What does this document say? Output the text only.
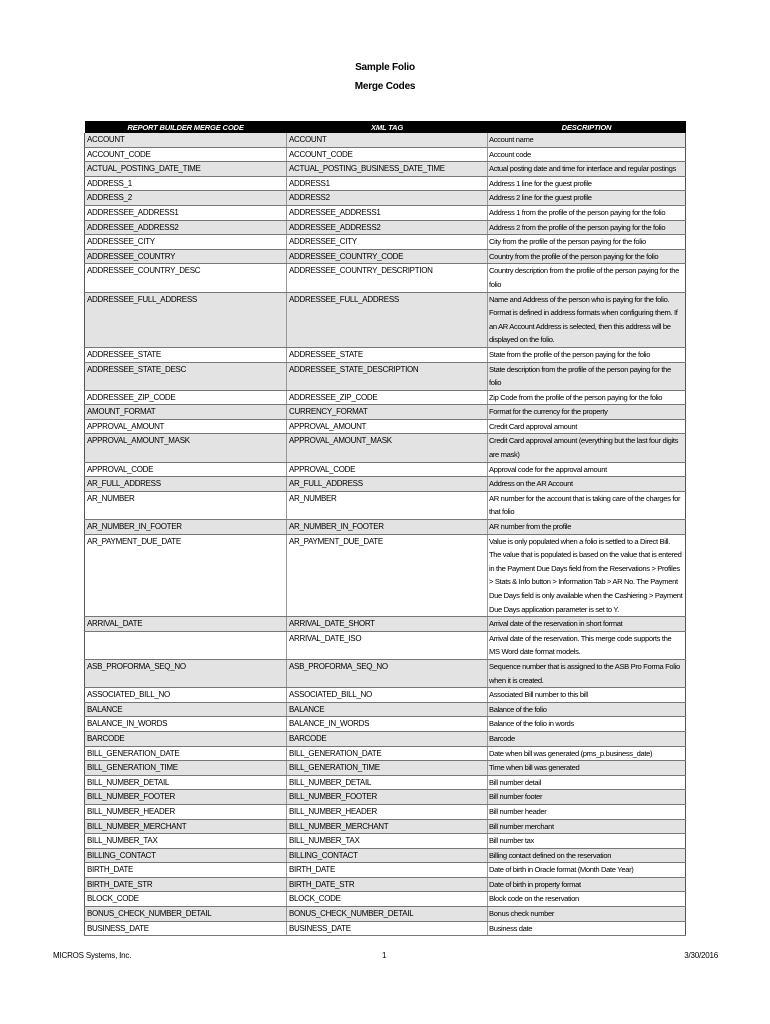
Sample Folio
Merge Codes
REPORT BUILDER MERGE CODE	XML TAG	DESCRIPTION
ACCOUNT	ACCOUNT	Account name
ACCOUNT_CODE	ACCOUNT_CODE	Account code
ACTUAL_POSTING_DATE_TIME	ACTUAL_POSTING_BUSINESS_DATE_TIME	Actual posting date and time for interface and regular postings
ADDRESS_1	ADDRESS1	Address 1 line for the guest profile
ADDRESS_2	ADDRESS2	Address 2 line for the guest profile
ADDRESSEE_ADDRESS1	ADDRESSEE_ADDRESS1	Address 1 from the profile of the person paying for the folio
ADDRESSEE_ADDRESS2	ADDRESSEE_ADDRESS2	Address 2 from the profile of the person paying for the folio
ADDRESSEE_CITY	ADDRESSEE_CITY	City from the profile of the person paying for the folio
ADDRESSEE_COUNTRY	ADDRESSEE_COUNTRY_CODE	Country from the profile of the person paying for the folio
ADDRESSEE_COUNTRY_DESC	ADDRESSEE_COUNTRY_DESCRIPTION	Country description from the profile of the person paying for the folio
ADDRESSEE_FULL_ADDRESS	ADDRESSEE_FULL_ADDRESS	Name and Address of the person who is paying for the folio. Format is defined in address formats when configuring them. If an AR Account Address is selected, then this address will be displayed on the folio.
ADDRESSEE_STATE	ADDRESSEE_STATE	State from the profile of the person paying for the folio
ADDRESSEE_STATE_DESC	ADDRESSEE_STATE_DESCRIPTION	State description from the profile of the person paying for the folio
ADDRESSEE_ZIP_CODE	ADDRESSEE_ZIP_CODE	Zip Code from the profile of the person paying for the folio
AMOUNT_FORMAT	CURRENCY_FORMAT	Format for the currency for the property
APPROVAL_AMOUNT	APPROVAL_AMOUNT	Credit Card approval amount
APPROVAL_AMOUNT_MASK	APPROVAL_AMOUNT_MASK	Credit Card approval amount (everything but the last four digits are mask)
APPROVAL_CODE	APPROVAL_CODE	Approval code for the approval amount
AR_FULL_ADDRESS	AR_FULL_ADDRESS	Address on the AR Account
AR_NUMBER	AR_NUMBER	AR number for the account that is taking care of the charges for that folio
AR_NUMBER_IN_FOOTER	AR_NUMBER_IN_FOOTER	AR number from the profile
AR_PAYMENT_DUE_DATE	AR_PAYMENT_DUE_DATE	Value is only populated when a folio is settled to a Direct Bill. The value that is populated is based on the value that is entered in the Payment Due Days field from the Reservations > Profiles > Stats & Info button > Information Tab > AR No. The Payment Due Days field is only available when the Cashiering > Payment Due Days application parameter is set to Y.
ARRIVAL_DATE	ARRIVAL_DATE_SHORT	Arrival date of the reservation in short format
	ARRIVAL_DATE_ISO	Arrival date of the reservation. This merge code supports the MS Word date format models.
ASB_PROFORMA_SEQ_NO	ASB_PROFORMA_SEQ_NO	Sequence number that is assigned to the ASB Pro Forma Folio when it is created.
ASSOCIATED_BILL_NO	ASSOCIATED_BILL_NO	Associated Bill number to this bill
BALANCE	BALANCE	Balance of the folio
BALANCE_IN_WORDS	BALANCE_IN_WORDS	Balance of the folio in words
BARCODE	BARCODE	Barcode
BILL_GENERATION_DATE	BILL_GENERATION_DATE	Date when bill was generated (pms_p.business_date)
BILL_GENERATION_TIME	BILL_GENERATION_TIME	Time when bill was generated
BILL_NUMBER_DETAIL	BILL_NUMBER_DETAIL	Bill number detail
BILL_NUMBER_FOOTER	BILL_NUMBER_FOOTER	Bill number footer
BILL_NUMBER_HEADER	BILL_NUMBER_HEADER	Bill number header
BILL_NUMBER_MERCHANT	BILL_NUMBER_MERCHANT	Bill number merchant
BILL_NUMBER_TAX	BILL_NUMBER_TAX	Bill number tax
BILLING_CONTACT	BILLING_CONTACT	Billing contact defined on the reservation
BIRTH_DATE	BIRTH_DATE	Date of birth in Oracle format (Month Date Year)
BIRTH_DATE_STR	BIRTH_DATE_STR	Date of birth in property format
BLOCK_CODE	BLOCK_CODE	Block code on the reservation
BONUS_CHECK_NUMBER_DETAIL	BONUS_CHECK_NUMBER_DETAIL	Bonus check number
BUSINESS_DATE	BUSINESS_DATE	Business date
MICROS Systems, Inc.	1	3/30/2016
